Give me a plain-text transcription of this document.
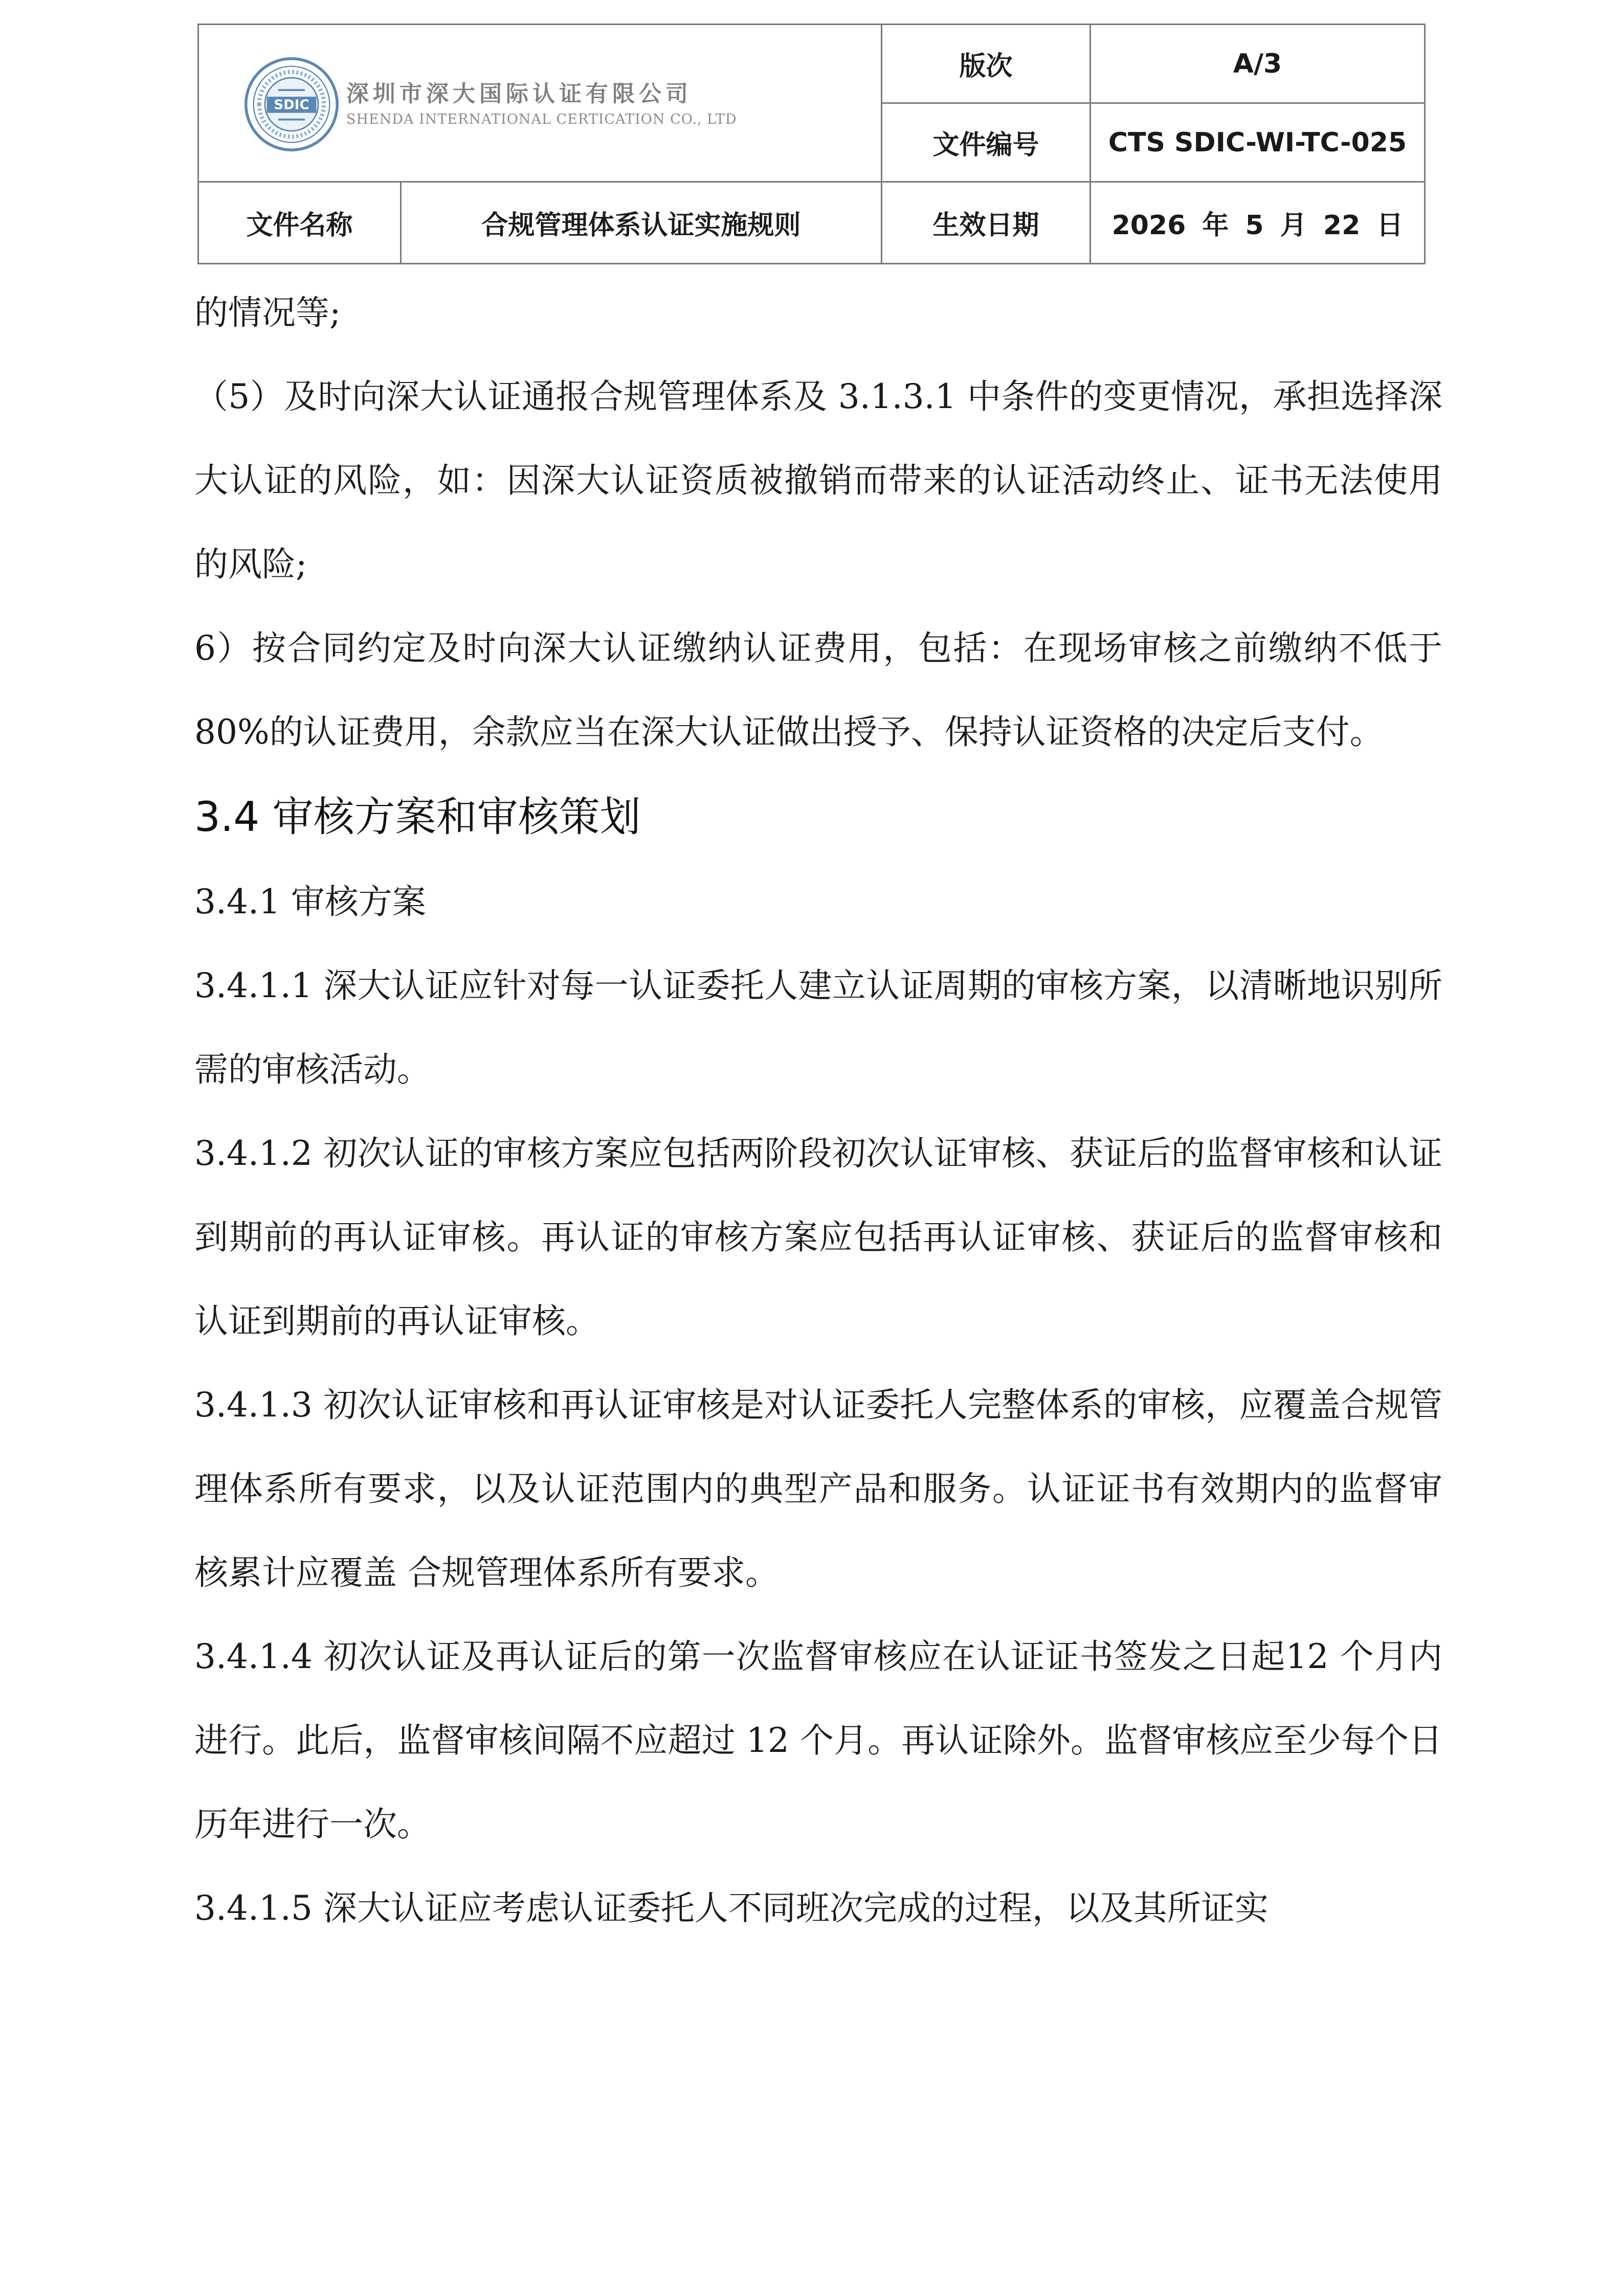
SDIC 深圳市深大国际认证有限公司
SHENDA INTERNATIONAL CERTICATION CO., LTD		版次	A/3
		文件编号	CTS SDIC-WI-TC-025
文件名称	合规管理体系认证实施规则	生效日期	2026 年 5 月 22 日

的情况等;

（5）及时向深大认证通报合规管理体系及 3.1.3.1 中条件的变更情况，承担选择深大认证的风险，如：因深大认证资质被撤销而带来的认证活动终止、证书无法使用的风险;

6）按合同约定及时向深大认证缴纳认证费用，包括：在现场审核之前缴纳不低于 80%的认证费用，余款应当在深大认证做出授予、保持认证资格的决定后支付。

3.4 审核方案和审核策划

3.4.1 审核方案

3.4.1.1 深大认证应针对每一认证委托人建立认证周期的审核方案，以清晰地识别所需的审核活动。

3.4.1.2 初次认证的审核方案应包括两阶段初次认证审核、获证后的监督审核和认证到期前的再认证审核。再认证的审核方案应包括再认证审核、获证后的监督审核和认证到期前的再认证审核。

3.4.1.3 初次认证审核和再认证审核是对认证委托人完整体系的审核，应覆盖合规管理体系所有要求，以及认证范围内的典型产品和服务。认证证书有效期内的监督审核累计应覆盖 合规管理体系所有要求。

3.4.1.4 初次认证及再认证后的第一次监督审核应在认证证书签发之日起12 个月内进行。此后，监督审核间隔不应超过 12 个月。再认证除外。监督审核应至少每个日历年进行一次。

3.4.1.5 深大认证应考虑认证委托人不同班次完成的过程，以及其所证实
